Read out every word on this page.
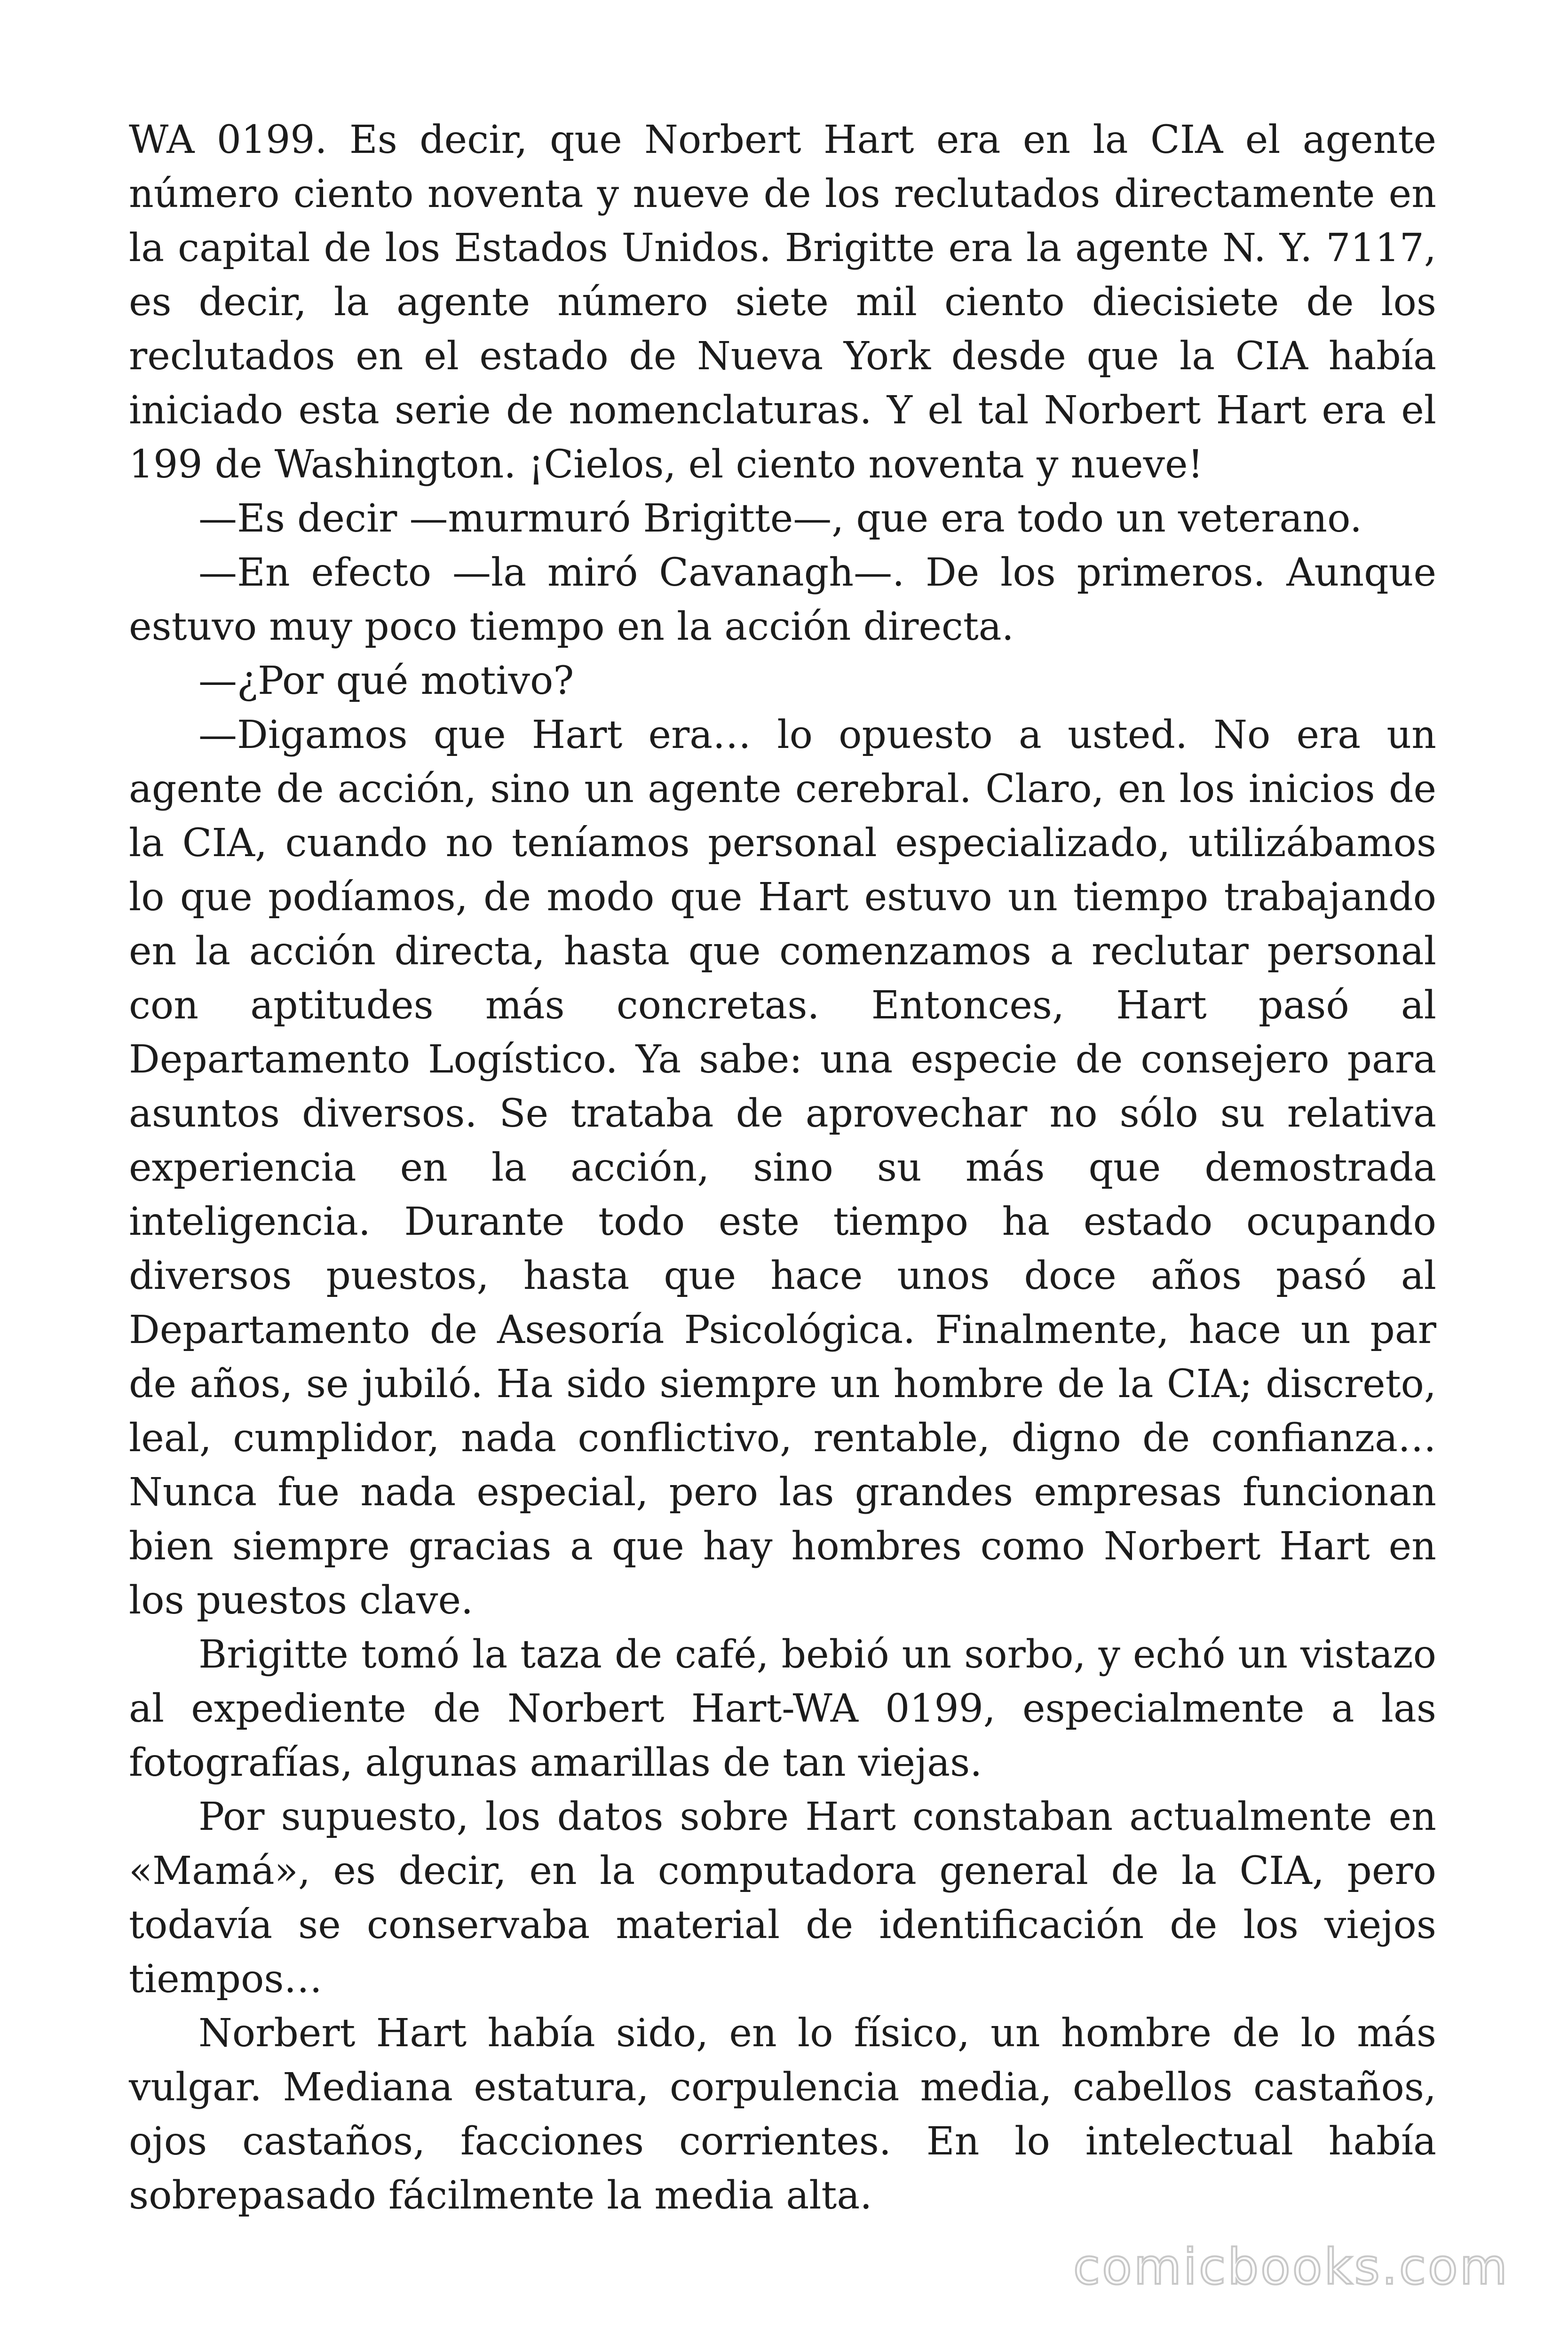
WA 0199. Es decir, que Norbert Hart era en la CIA el agente número ciento noventa y nueve de los reclutados directamente en la capital de los Estados Unidos. Brigitte era la agente N. Y. 7117, es decir, la agente número siete mil ciento diecisiete de los reclutados en el estado de Nueva York desde que la CIA había iniciado esta serie de nomenclaturas. Y el tal Norbert Hart era el 199 de Washington. ¡Cielos, el ciento noventa y nueve!

—Es decir —murmuró Brigitte—, que era todo un veterano.

—En efecto —la miró Cavanagh—. De los primeros. Aunque estuvo muy poco tiempo en la acción directa.

—¿Por qué motivo?

—Digamos que Hart era… lo opuesto a usted. No era un agente de acción, sino un agente cerebral. Claro, en los inicios de la CIA, cuando no teníamos personal especializado, utilizábamos lo que podíamos, de modo que Hart estuvo un tiempo trabajando en la acción directa, hasta que comenzamos a reclutar personal con aptitudes más concretas. Entonces, Hart pasó al Departamento Logístico. Ya sabe: una especie de consejero para asuntos diversos. Se trataba de aprovechar no sólo su relativa experiencia en la acción, sino su más que demostrada inteligencia. Durante todo este tiempo ha estado ocupando diversos puestos, hasta que hace unos doce años pasó al Departamento de Asesoría Psicológica. Finalmente, hace un par de años, se jubiló. Ha sido siempre un hombre de la CIA; discreto, leal, cumplidor, nada conflictivo, rentable, digno de confianza… Nunca fue nada especial, pero las grandes empresas funcionan bien siempre gracias a que hay hombres como Norbert Hart en los puestos clave.

Brigitte tomó la taza de café, bebió un sorbo, y echó un vistazo al expediente de Norbert Hart-WA 0199, especialmente a las fotografías, algunas amarillas de tan viejas.

Por supuesto, los datos sobre Hart constaban actualmente en «Mamá», es decir, en la computadora general de la CIA, pero todavía se conservaba material de identificación de los viejos tiempos…

Norbert Hart había sido, en lo físico, un hombre de lo más vulgar. Mediana estatura, corpulencia media, cabellos castaños, ojos castaños, facciones corrientes. En lo intelectual había sobrepasado fácilmente la media alta.

comicbooks.com
